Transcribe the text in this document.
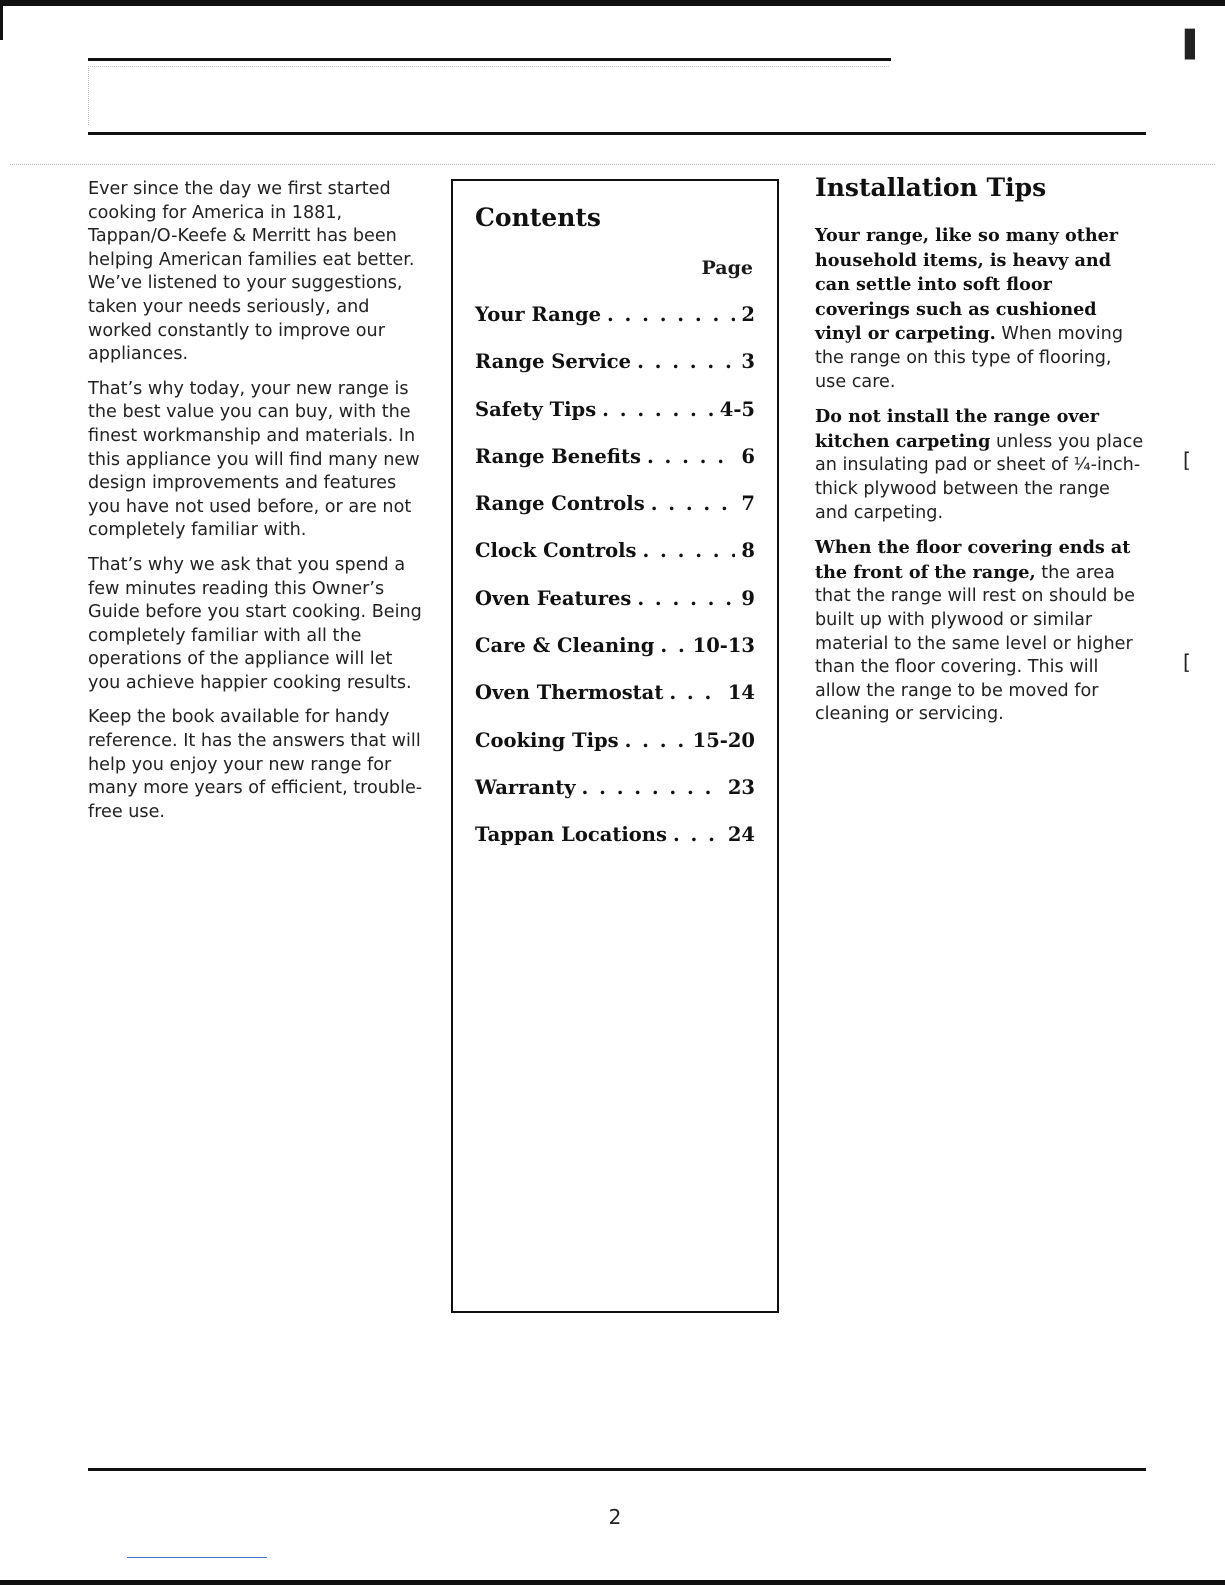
▌
[
[

Ever since the day we first started cooking for America in 1881, Tappan/O-Keefe & Merritt has been helping American families eat better. We’ve listened to your suggestions, taken your needs seriously, and worked constantly to improve our appliances.

That’s why today, your new range is the best value you can buy, with the finest workmanship and materials. In this appliance you will find many new design improvements and features you have not used before, or are not completely familiar with.

That’s why we ask that you spend a few minutes reading this Owner’s Guide before you start cooking. Being completely familiar with all the operations of the appliance will let you achieve happier cooking results.

Keep the book available for handy reference. It has the answers that will help you enjoy your new range for many more years of efficient, trouble-free use.

Contents
Page
Your Range . . .	2
Range Service . . .	3
Safety Tips . . .	4-5
Range Benefits . . .	6
Range Controls . . .	7
Clock Controls . . .	8
Oven Features . . .	9
Care & Cleaning . . . 10-13
Oven Thermostat . . .	14
Cooking Tips . . .	15-20
Warranty . . .	23
Tappan Locations . . .	24
Installation Tips

Your range, like so many other household items, is heavy and can settle into soft floor coverings such as cushioned vinyl or carpeting. When moving the range on this type of flooring, use care.

Do not install the range over kitchen carpeting unless you place an insulating pad or sheet of ¼-inch-thick plywood between the range and carpeting.

When the floor covering ends at the front of the range, the area that the range will rest on should be built up with plywood or similar material to the same level or higher than the floor covering. This will allow the range to be moved for cleaning or servicing.

2
